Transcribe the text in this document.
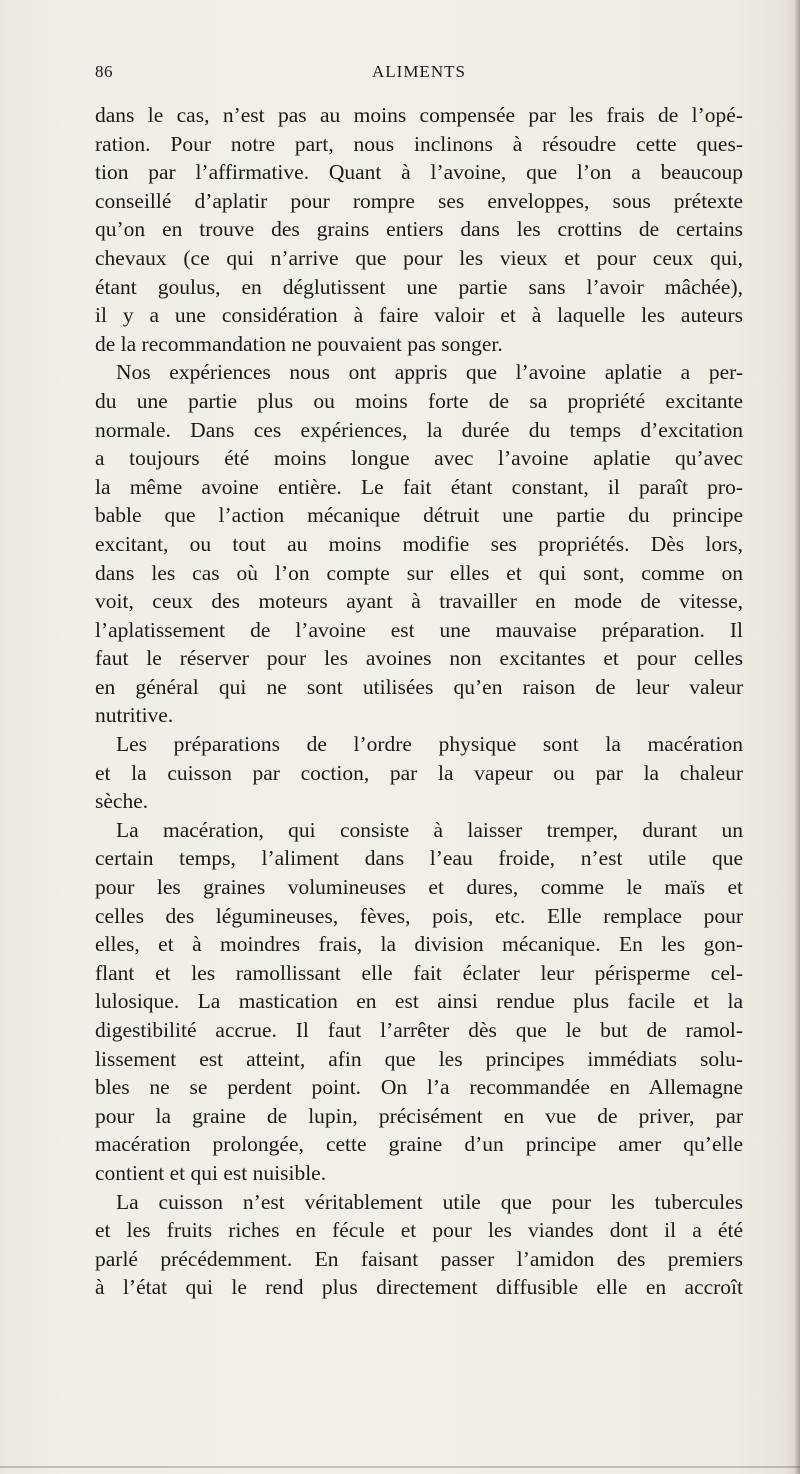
86	ALIMENTS
dans le cas, n’est pas au moins compensée par les frais de l’opé-
ration. Pour notre part, nous inclinons à résoudre cette ques-
tion par l’affirmative. Quant à l’avoine, que l’on a beaucoup
conseillé d’aplatir pour rompre ses enveloppes, sous prétexte
qu’on en trouve des grains entiers dans les crottins de certains
chevaux (ce qui n’arrive que pour les vieux et pour ceux qui,
étant goulus, en déglutissent une partie sans l’avoir mâchée),
il y a une considération à faire valoir et à laquelle les auteurs
de la recommandation ne pouvaient pas songer.
Nos expériences nous ont appris que l’avoine aplatie a per-
du une partie plus ou moins forte de sa propriété excitante
normale. Dans ces expériences, la durée du temps d’excitation
a toujours été moins longue avec l’avoine aplatie qu’avec
la même avoine entière. Le fait étant constant, il paraît pro-
bable que l’action mécanique détruit une partie du principe
excitant, ou tout au moins modifie ses propriétés. Dès lors,
dans les cas où l’on compte sur elles et qui sont, comme on
voit, ceux des moteurs ayant à travailler en mode de vitesse,
l’aplatissement de l’avoine est une mauvaise préparation. Il
faut le réserver pour les avoines non excitantes et pour celles
en général qui ne sont utilisées qu’en raison de leur valeur
nutritive.
Les préparations de l’ordre physique sont la macération
et la cuisson par coction, par la vapeur ou par la chaleur
sèche.
La macération, qui consiste à laisser tremper, durant un
certain temps, l’aliment dans l’eau froide, n’est utile que
pour les graines volumineuses et dures, comme le maïs et
celles des légumineuses, fèves, pois, etc. Elle remplace pour
elles, et à moindres frais, la division mécanique. En les gon-
flant et les ramollissant elle fait éclater leur périsperme cel-
lulosique. La mastication en est ainsi rendue plus facile et la
digestibilité accrue. Il faut l’arrêter dès que le but de ramol-
lissement est atteint, afin que les principes immédiats solu-
bles ne se perdent point. On l’a recommandée en Allemagne
pour la graine de lupin, précisément en vue de priver, par
macération prolongée, cette graine d’un principe amer qu’elle
contient et qui est nuisible.
La cuisson n’est véritablement utile que pour les tubercules
et les fruits riches en fécule et pour les viandes dont il a été
parlé précédemment. En faisant passer l’amidon des premiers
à l’état qui le rend plus directement diffusible elle en accroît
